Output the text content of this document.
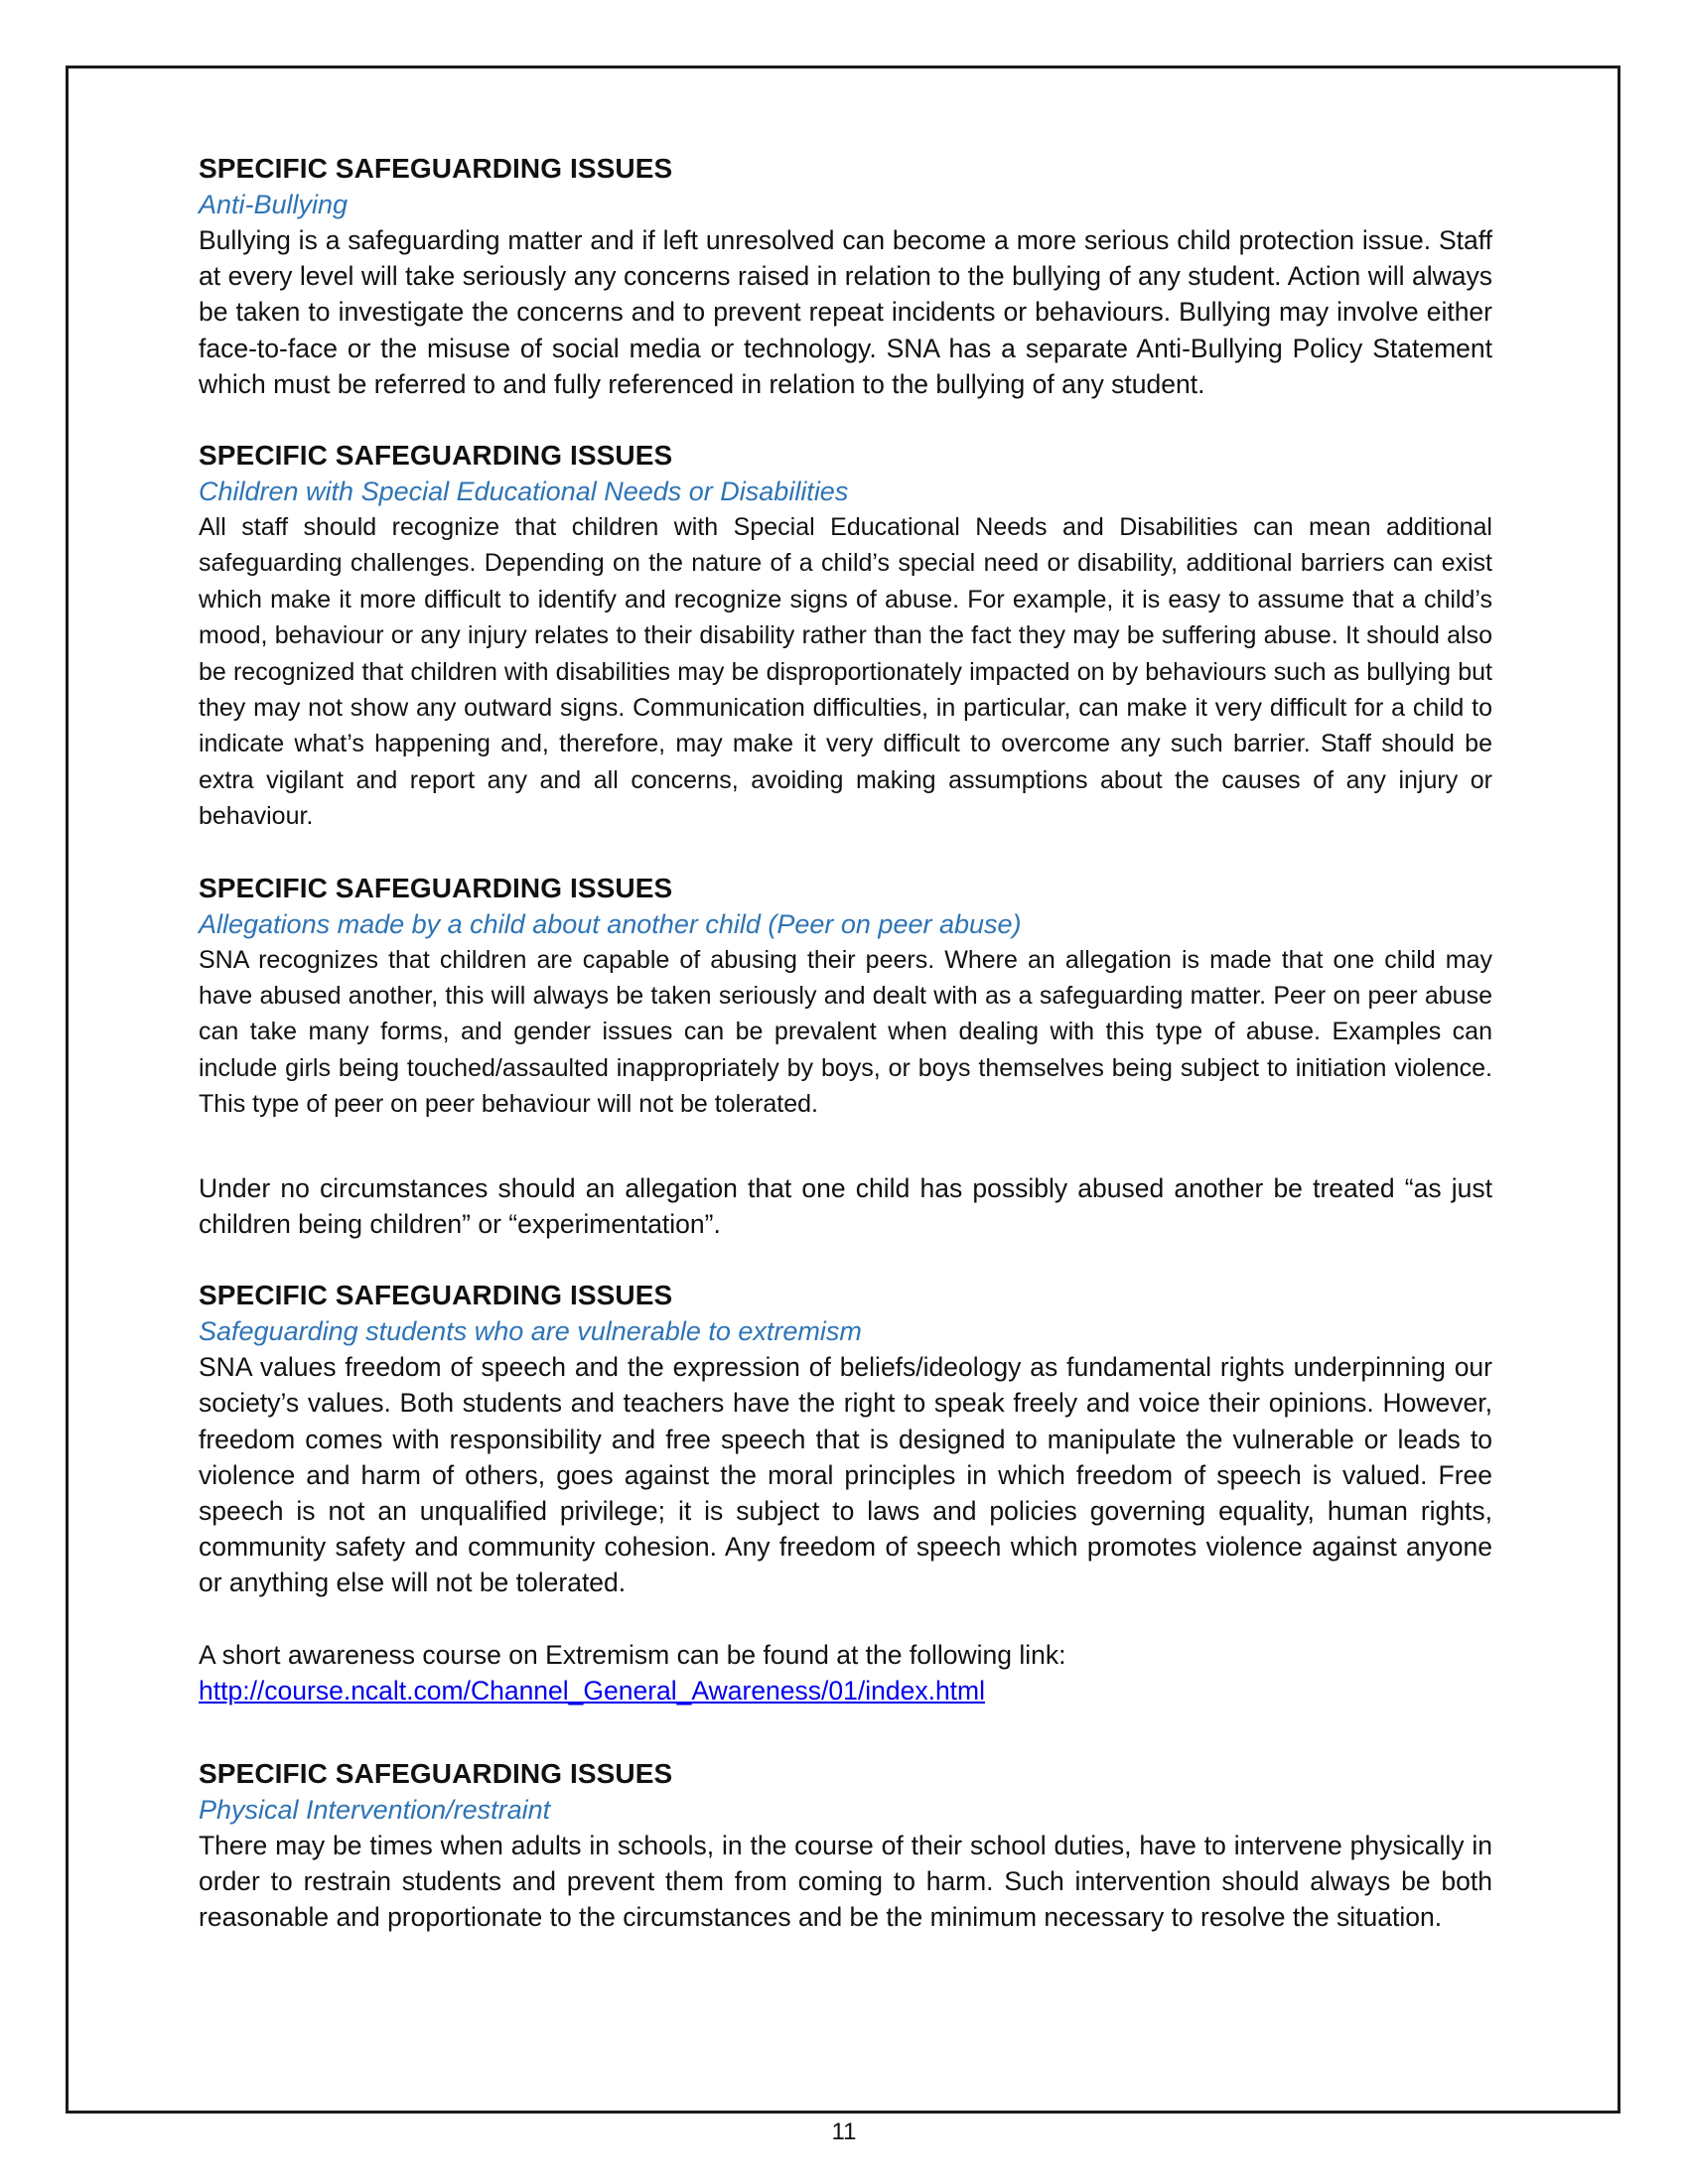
SPECIFIC SAFEGUARDING ISSUES

Anti-Bullying

Bullying is a safeguarding matter and if left unresolved can become a more serious child protection issue. Staff at every level will take seriously any concerns raised in relation to the bullying of any student. Action will always be taken to investigate the concerns and to prevent repeat incidents or behaviours. Bullying may involve either face-to-face or the misuse of social media or technology. SNA has a separate Anti-Bullying Policy Statement which must be referred to and fully referenced in relation to the bullying of any student.

SPECIFIC SAFEGUARDING ISSUES

Children with Special Educational Needs or Disabilities

All staff should recognize that children with Special Educational Needs and Disabilities can mean additional safeguarding challenges. Depending on the nature of a child’s special need or disability, additional barriers can exist which make it more difficult to identify and recognize signs of abuse. For example, it is easy to assume that a child’s mood, behaviour or any injury relates to their disability rather than the fact they may be suffering abuse. It should also be recognized that children with disabilities may be disproportionately impacted on by behaviours such as bullying but they may not show any outward signs. Communication difficulties, in particular, can make it very difficult for a child to indicate what’s happening and, therefore, may make it very difficult to overcome any such barrier. Staff should be extra vigilant and report any and all concerns, avoiding making assumptions about the causes of any injury or behaviour.

SPECIFIC SAFEGUARDING ISSUES

Allegations made by a child about another child (Peer on peer abuse)

SNA recognizes that children are capable of abusing their peers. Where an allegation is made that one child may have abused another, this will always be taken seriously and dealt with as a safeguarding matter. Peer on peer abuse can take many forms, and gender issues can be prevalent when dealing with this type of abuse. Examples can include girls being touched/assaulted inappropriately by boys, or boys themselves being subject to initiation violence. This type of peer on peer behaviour will not be tolerated.

Under no circumstances should an allegation that one child has possibly abused another be treated “as just children being children” or “experimentation”.

SPECIFIC SAFEGUARDING ISSUES

Safeguarding students who are vulnerable to extremism

SNA values freedom of speech and the expression of beliefs/ideology as fundamental rights underpinning our society’s values. Both students and teachers have the right to speak freely and voice their opinions. However, freedom comes with responsibility and free speech that is designed to manipulate the vulnerable or leads to violence and harm of others, goes against the moral principles in which freedom of speech is valued. Free speech is not an unqualified privilege; it is subject to laws and policies governing equality, human rights, community safety and community cohesion. Any freedom of speech which promotes violence against anyone or anything else will not be tolerated.

A short awareness course on Extremism can be found at the following link:

http://course.ncalt.com/Channel_General_Awareness/01/index.html
SPECIFIC SAFEGUARDING ISSUES

Physical Intervention/restraint

There may be times when adults in schools, in the course of their school duties, have to intervene physically in order to restrain students and prevent them from coming to harm. Such intervention should always be both reasonable and proportionate to the circumstances and be the minimum necessary to resolve the situation.

11
